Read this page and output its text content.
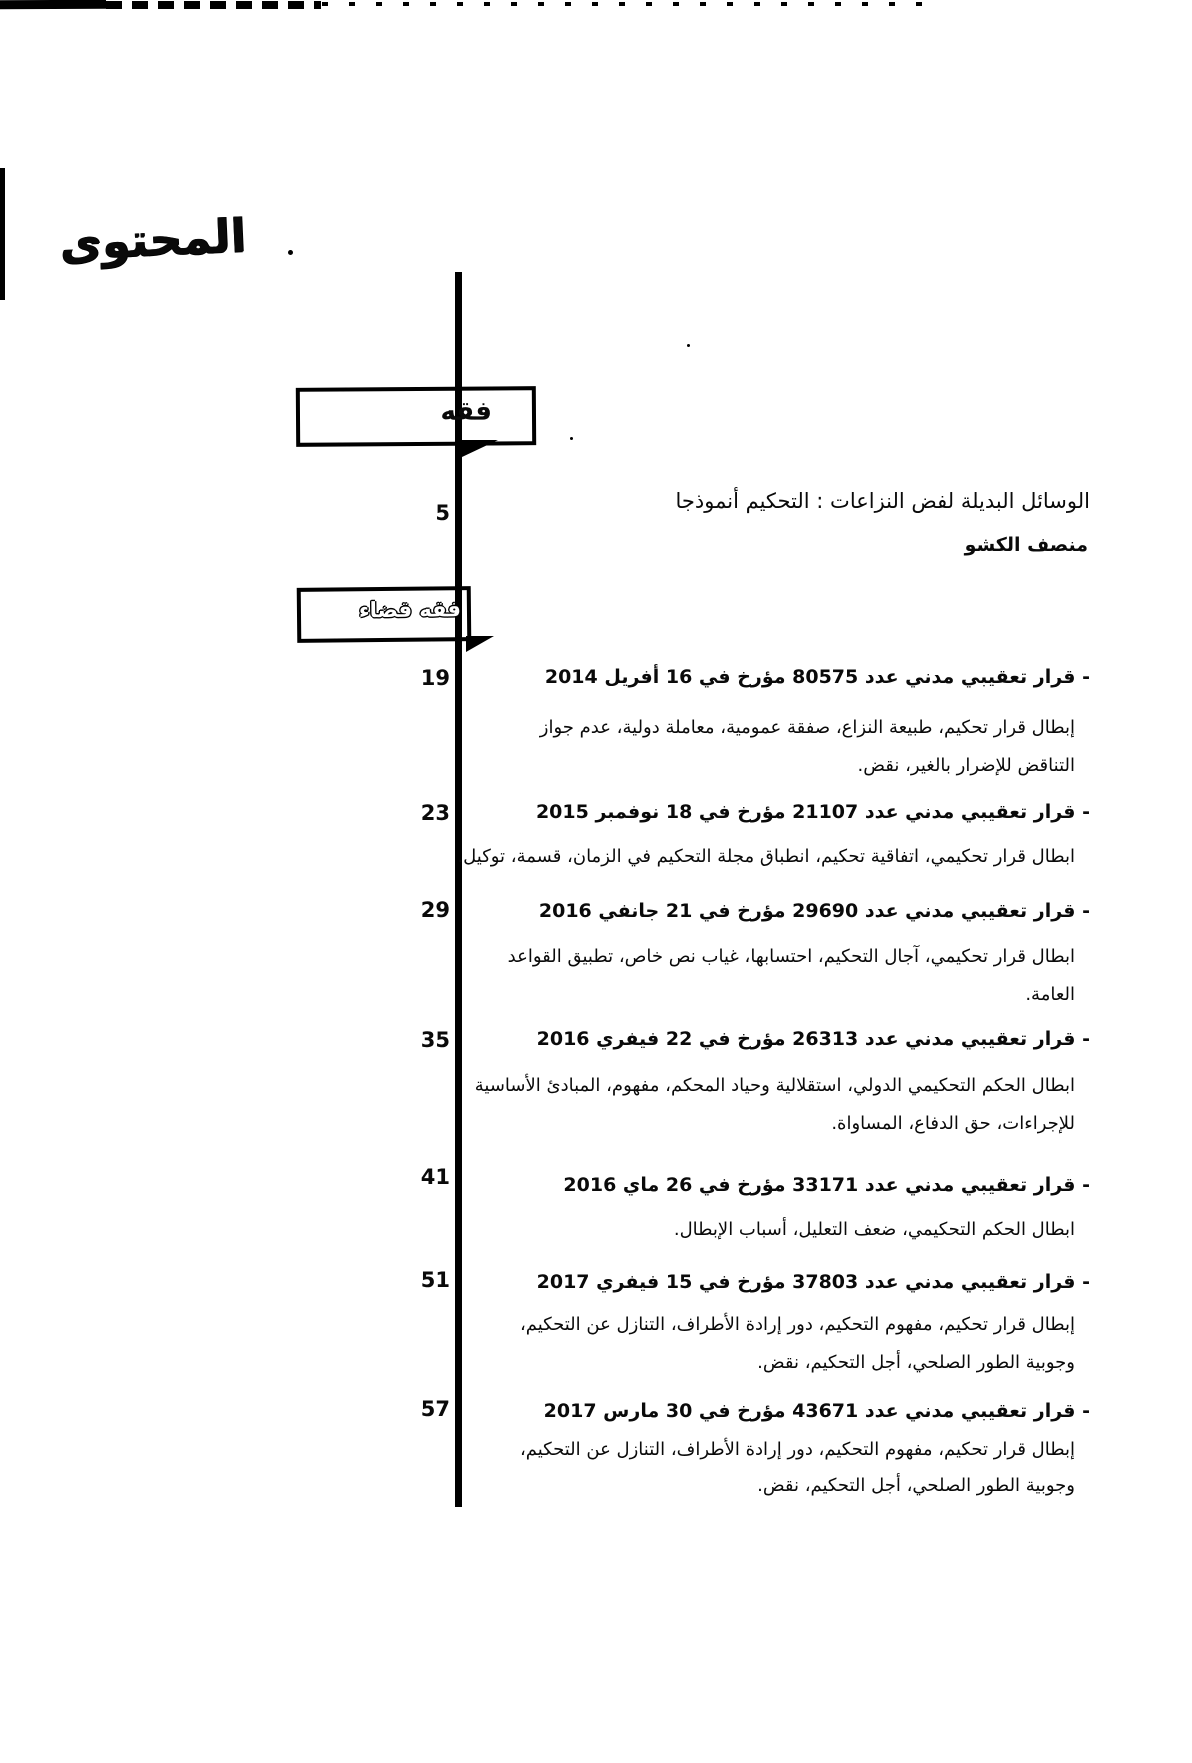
المحتوى
فقه
5	الوسائل البديلة لفض النزاعات : التحكيم أنموذجا
منصف الكشو
فقه قضاء
19	- قرار تعقيبي مدني عدد 80575 مؤرخ في 16 أفريل 2014
إبطال قرار تحكيم، طبيعة النزاع، صفقة عمومية، معاملة دولية، عدم جواز
التناقض للإضرار بالغير، نقض.
23	- قرار تعقيبي مدني عدد 21107 مؤرخ في 18 نوفمبر 2015
ابطال قرار تحكيمي، اتفاقية تحكيم، انطباق مجلة التحكيم في الزمان، قسمة، توكيل.
29	- قرار تعقيبي مدني عدد 29690 مؤرخ في 21 جانفي 2016
ابطال قرار تحكيمي، آجال التحكيم، احتسابها، غياب نص خاص، تطبيق القواعد
العامة.
35	- قرار تعقيبي مدني عدد 26313 مؤرخ في 22 فيفري 2016
ابطال الحكم التحكيمي الدولي، استقلالية وحياد المحكم، مفهوم، المبادئ الأساسية
للإجراءات، حق الدفاع، المساواة.
41	- قرار تعقيبي مدني عدد 33171 مؤرخ في 26 ماي 2016
ابطال الحكم التحكيمي، ضعف التعليل، أسباب الإبطال.
51	- قرار تعقيبي مدني عدد 37803 مؤرخ في 15 فيفري 2017
إبطال قرار تحكيم، مفهوم التحكيم، دور إرادة الأطراف، التنازل عن التحكيم،
وجوبية الطور الصلحي، أجل التحكيم، نقض.
57	- قرار تعقيبي مدني عدد 43671 مؤرخ في 30 مارس 2017
إبطال قرار تحكيم، مفهوم التحكيم، دور إرادة الأطراف، التنازل عن التحكيم،
وجوبية الطور الصلحي، أجل التحكيم، نقض.
